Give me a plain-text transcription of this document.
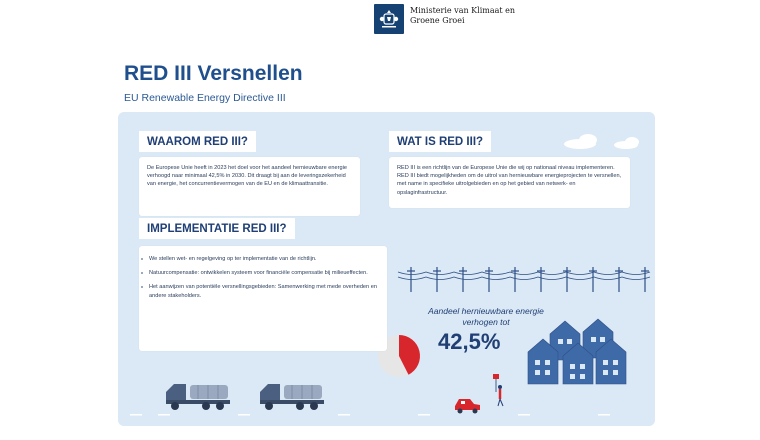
Ministerie van Klimaat en
Groene Groei
RED III Versnellen
EU Renewable Energy Directive III
WAAROM RED III?
De Europese Unie heeft in 2023 het doel voor het aandeel hernieuwbare energie verhoogd naar minimaal 42,5% in 2030. Dit draagt bij aan de leveringszekerheid van energie, het concurrentievermogen van de EU en de klimaattransitie.
WAT IS RED III?
RED III is een richtlijn van de Europese Unie die wij op nationaal niveau implementeren. RED III biedt mogelijkheden om de uitrol van hernieuwbare energieprojecten te versnellen, met name in specifieke uitrolgebieden en op het gebied van netwerk- en opslaginfrastructuur.
IMPLEMENTATIE RED III?
We stellen wet- en regelgeving op ter implementatie van de richtlijn.
Natuurcompensatie: ontwikkelen systeem voor financiële compensatie bij milieueffecten.
Het aanwijzen van potentiële versnellingsgebieden: Samenwerking met mede overheden en andere stakeholders.
Aandeel hernieuwbare energie verhogen tot
42,5%
